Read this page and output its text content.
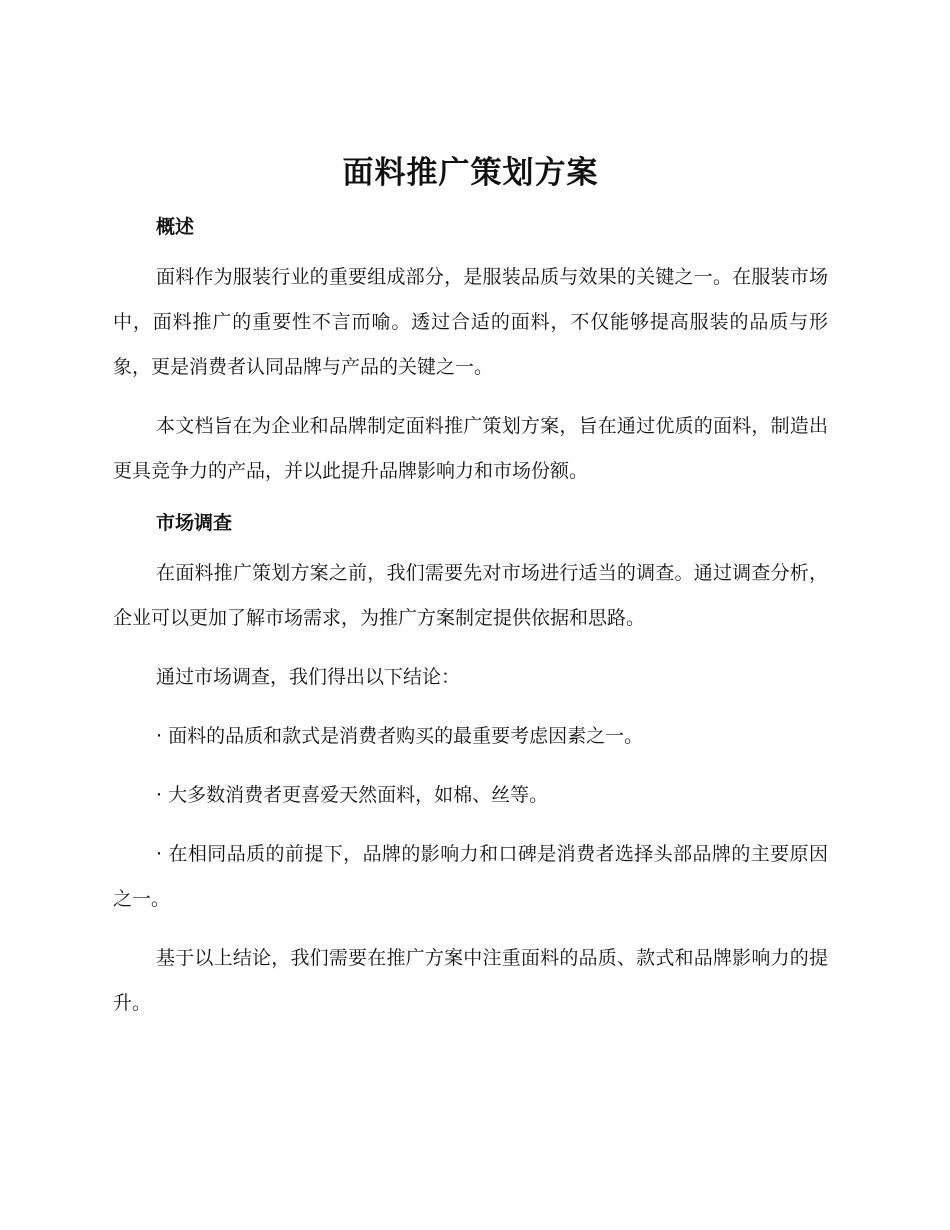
面料推广策划方案
概述

面料作为服装行业的重要组成部分，是服装品质与效果的关键之一。在服装市场中，面料推广的重要性不言而喻。透过合适的面料，不仅能够提高服装的品质与形象，更是消费者认同品牌与产品的关键之一。

本文档旨在为企业和品牌制定面料推广策划方案，旨在通过优质的面料，制造出更具竞争力的产品，并以此提升品牌影响力和市场份额。

市场调查

在面料推广策划方案之前，我们需要先对市场进行适当的调查。通过调查分析，企业可以更加了解市场需求，为推广方案制定提供依据和思路。

通过市场调查，我们得出以下结论：

· 面料的品质和款式是消费者购买的最重要考虑因素之一。

· 大多数消费者更喜爱天然面料，如棉、丝等。

· 在相同品质的前提下，品牌的影响力和口碑是消费者选择头部品牌的主要原因之一。

基于以上结论，我们需要在推广方案中注重面料的品质、款式和品牌影响力的提升。
